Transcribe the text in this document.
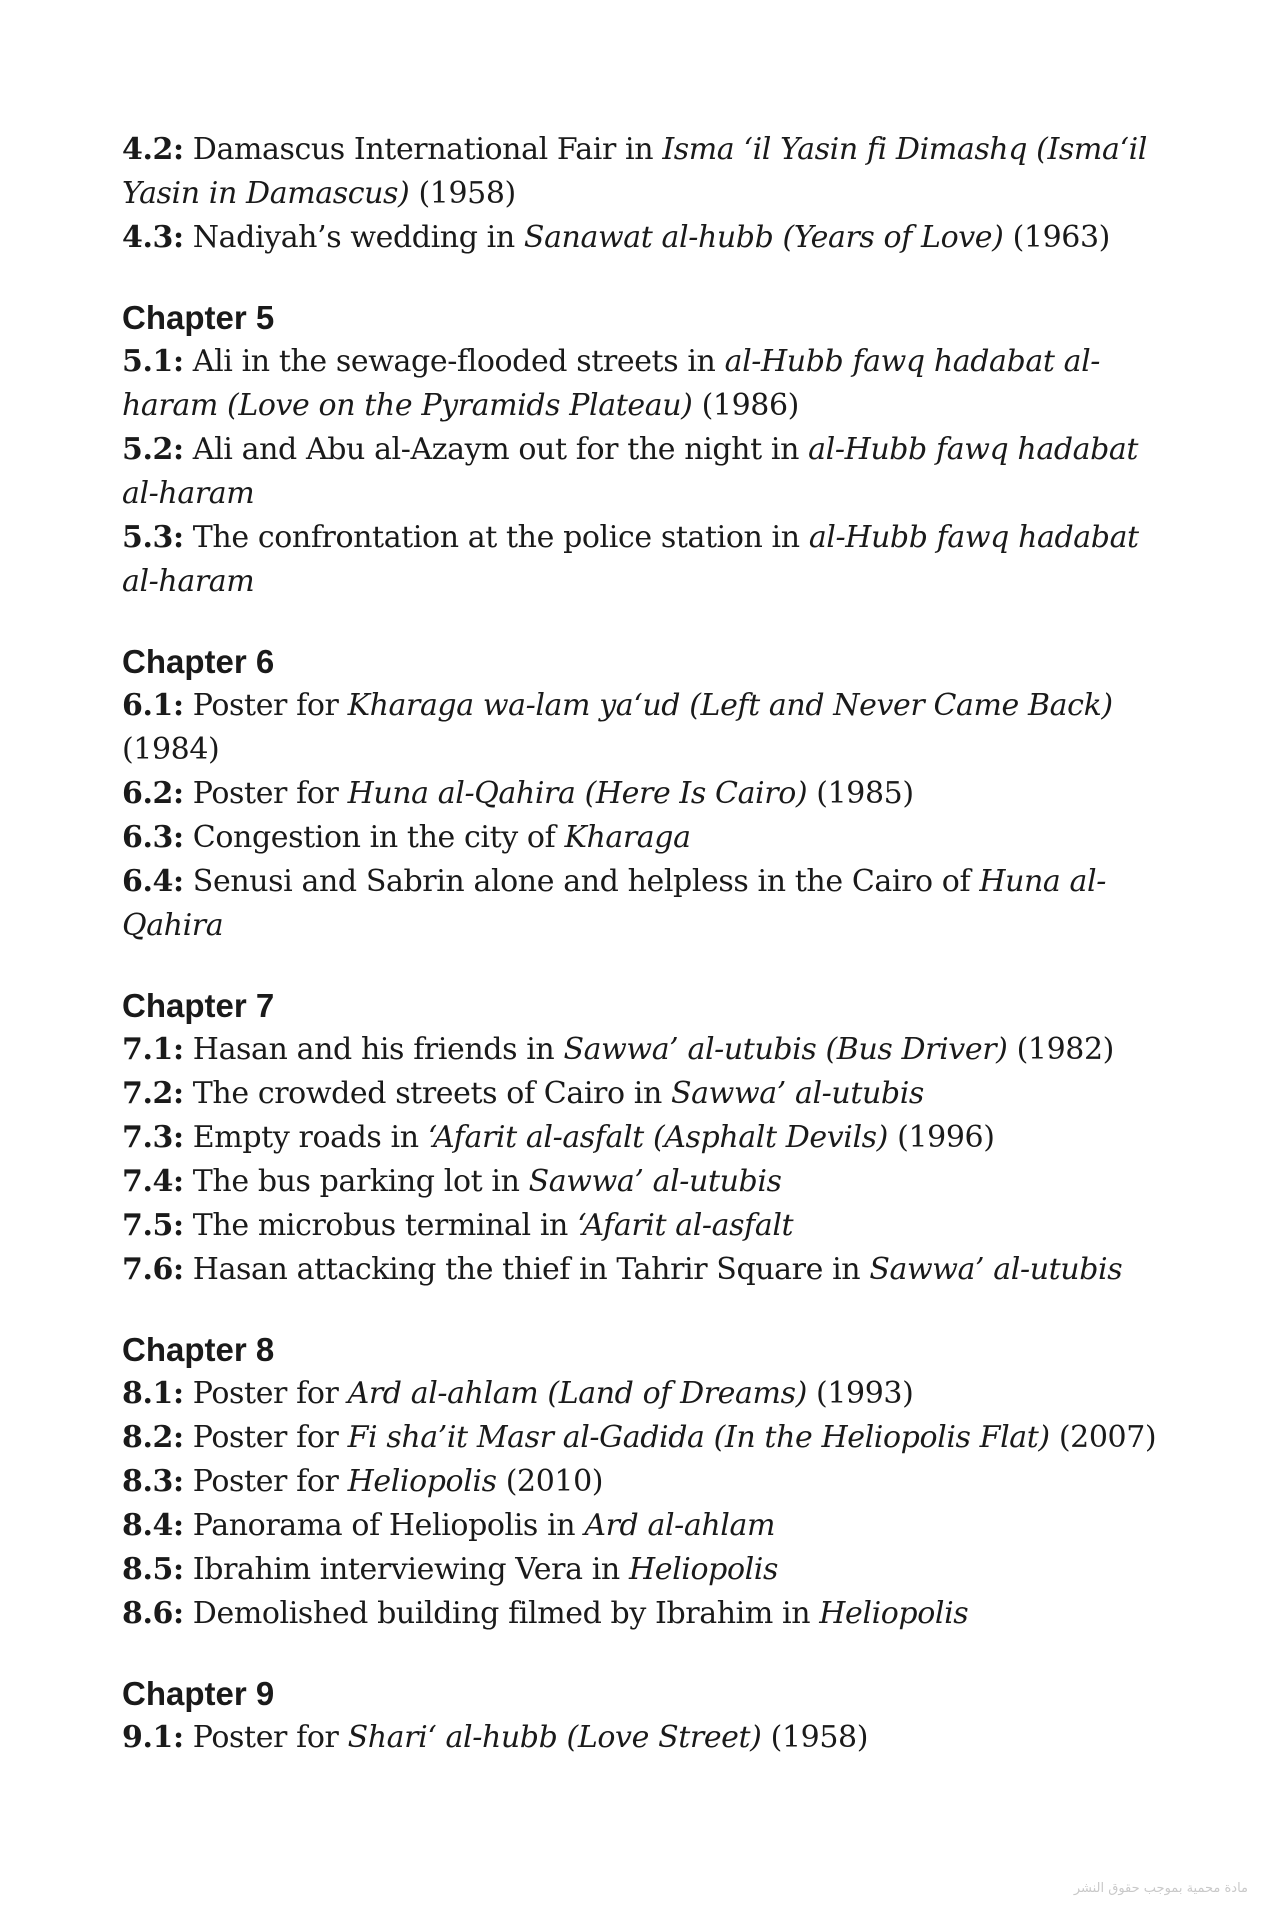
4.2: Damascus International Fair in Isma ‘il Yasin fi Dimashq (Isma‘il Yasin in Damascus) (1958)

4.3: Nadiyah’s wedding in Sanawat al-hubb (Years of Love) (1963)

Chapter 5

5.1: Ali in the sewage-flooded streets in al-Hubb fawq hadabat al-haram (Love on the Pyramids Plateau) (1986)

5.2: Ali and Abu al-Azaym out for the night in al-Hubb fawq hadabat al-haram

5.3: The confrontation at the police station in al-Hubb fawq hadabat al-haram

Chapter 6

6.1: Poster for Kharaga wa-lam ya‘ud (Left and Never Came Back) (1984)

6.2: Poster for Huna al-Qahira (Here Is Cairo) (1985)

6.3: Congestion in the city of Kharaga

6.4: Senusi and Sabrin alone and helpless in the Cairo of Huna al-Qahira

Chapter 7

7.1: Hasan and his friends in Sawwa’ al-utubis (Bus Driver) (1982)

7.2: The crowded streets of Cairo in Sawwa’ al-utubis

7.3: Empty roads in ‘Afarit al-asfalt (Asphalt Devils) (1996)

7.4: The bus parking lot in Sawwa’ al-utubis

7.5: The microbus terminal in ‘Afarit al-asfalt

7.6: Hasan attacking the thief in Tahrir Square in Sawwa’ al-utubis

Chapter 8

8.1: Poster for Ard al-ahlam (Land of Dreams) (1993)

8.2: Poster for Fi sha’it Masr al-Gadida (In the Heliopolis Flat) (2007)

8.3: Poster for Heliopolis (2010)

8.4: Panorama of Heliopolis in Ard al-ahlam

8.5: Ibrahim interviewing Vera in Heliopolis

8.6: Demolished building filmed by Ibrahim in Heliopolis

Chapter 9

9.1: Poster for Shari‘ al-hubb (Love Street) (1958)

مادة محمية بموجب حقوق النشر
